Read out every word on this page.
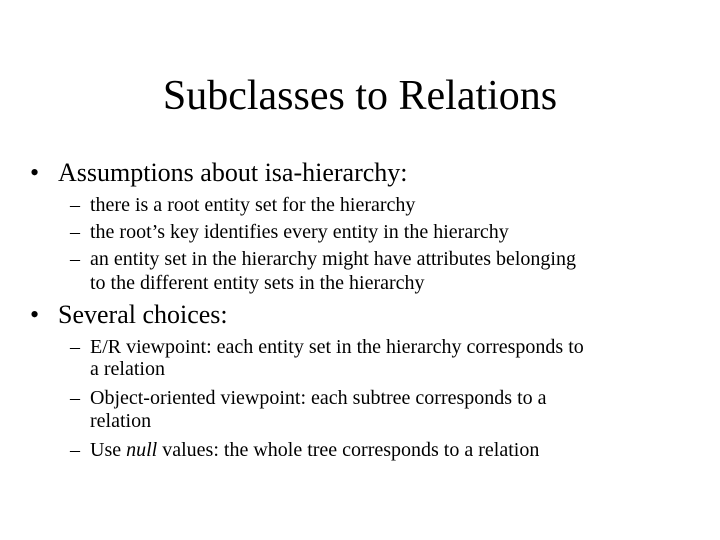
Subclasses to Relations
• Assumptions about isa-hierarchy:
– there is a root entity set for the hierarchy
– the root’s key identifies every entity in the hierarchy
– an entity set in the hierarchy might have attributes belonging
to the different entity sets in the hierarchy
• Several choices:
– E/R viewpoint: each entity set in the hierarchy corresponds to
a relation
– Object-oriented viewpoint: each subtree corresponds to a
relation
– Use null values: the whole tree corresponds to a relation
